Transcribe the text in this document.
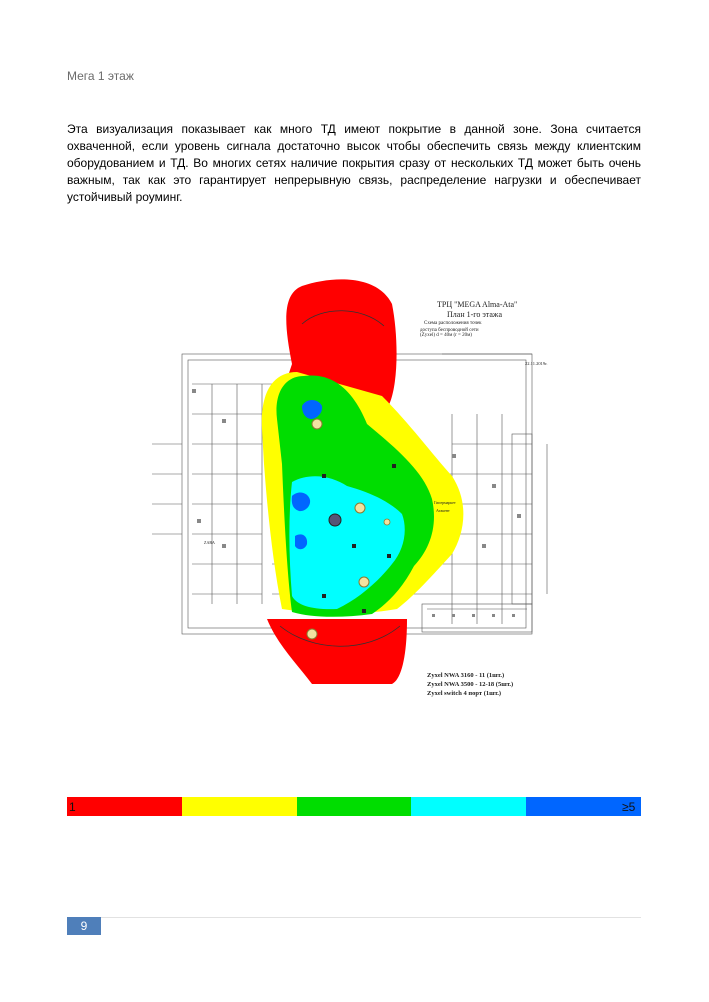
Мега 1 этаж

Эта визуализация показывает как много ТД имеют покрытие в данной зоне. Зона считается охваченной, если уровень сигнала достаточно высок чтобы обеспечить связь между клиентским оборудованием и ТД. Во многих сетях наличие покрытия сразу от нескольких ТД может быть очень важным, так как это гарантирует непрерывную связь, распределение нагрузки и обеспечивает устойчивый роуминг.

ТРЦ "MEGA Alma-Ata"
План 1-го этажа
Схема расположения точек
доступа беспроводной сети
(Zyxel) d = 40м (r = 20м)
22.11.2019г.
ZARA
Гипермаркет
Атакент
Zyxel NWA 3160 - 11 (1шт.)
Zyxel NWA 3500 - 12-18 (5шт.)
Zyxel switch 4 порт (1шт.)
1	≥5
9
